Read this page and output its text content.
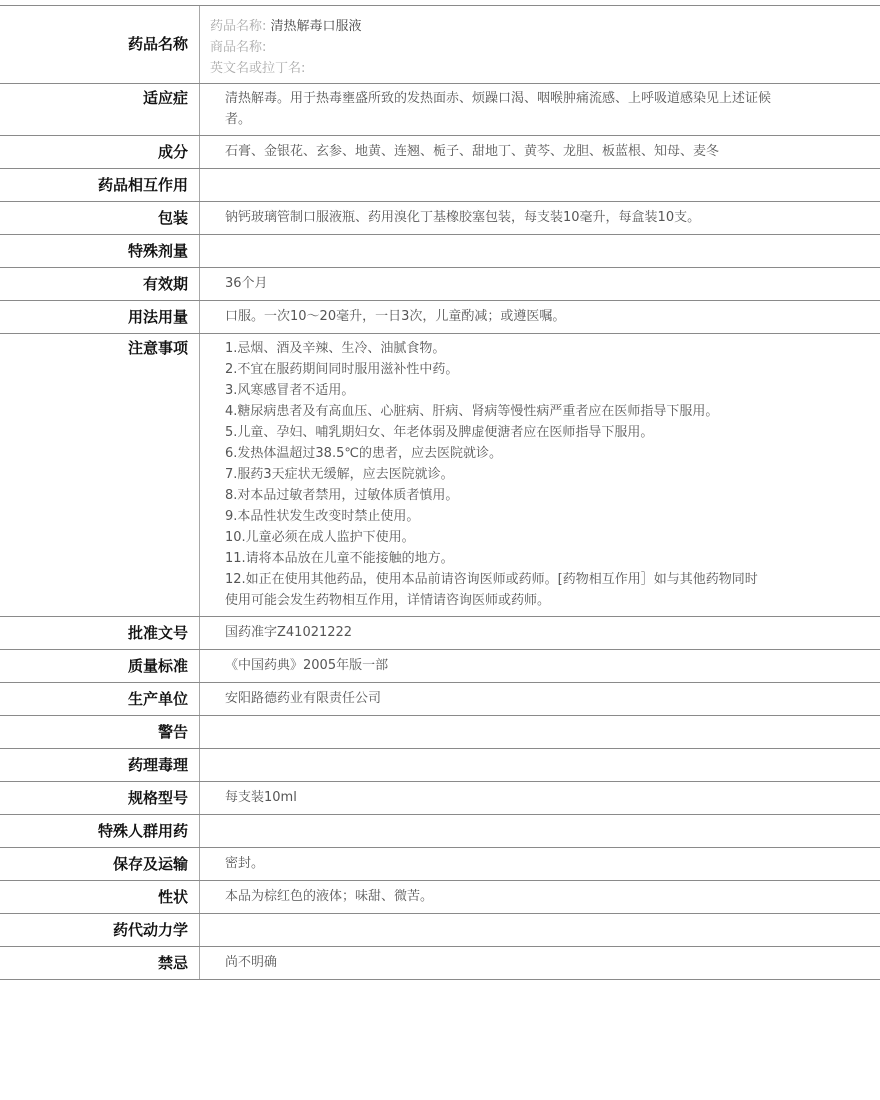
药品名称
药品名称: 清热解毒口服液
商品名称:
英文名或拉丁名:
适应症	清热解毒。用于热毒壅盛所致的发热面赤、烦躁口渴、咽喉肿痛流感、上呼吸道感染见上述证候者。
成分	石膏、金银花、玄参、地黄、连翘、栀子、甜地丁、黄芩、龙胆、板蓝根、知母、麦冬
药品相互作用
包装	钠钙玻璃管制口服液瓶、药用溴化丁基橡胶塞包装，每支装10毫升，每盒装10支。
特殊剂量
有效期	36个月
用法用量	口服。一次10～20毫升，一日3次，儿童酌减；或遵医嘱。
注意事项	1.忌烟、酒及辛辣、生冷、油腻食物。
2.不宜在服药期间同时服用滋补性中药。
3.风寒感冒者不适用。
4.糖尿病患者及有高血压、心脏病、肝病、肾病等慢性病严重者应在医师指导下服用。
5.儿童、孕妇、哺乳期妇女、年老体弱及脾虚便溏者应在医师指导下服用。
6.发热体温超过38.5℃的患者，应去医院就诊。
7.服药3天症状无缓解，应去医院就诊。
8.对本品过敏者禁用，过敏体质者慎用。
9.本品性状发生改变时禁止使用。
10.儿童必须在成人监护下使用。
11.请将本品放在儿童不能接触的地方。
12.如正在使用其他药品，使用本品前请咨询医师或药师。[药物相互作用］如与其他药物同时使用可能会发生药物相互作用，详情请咨询医师或药师。
批准文号	国药准字Z41021222
质量标准	《中国药典》2005年版一部
生产单位	安阳路德药业有限责任公司
警告
药理毒理
规格型号	每支装10ml
特殊人群用药
保存及运输	密封。
性状	本品为棕红色的液体；味甜、微苦。
药代动力学
禁忌	尚不明确
